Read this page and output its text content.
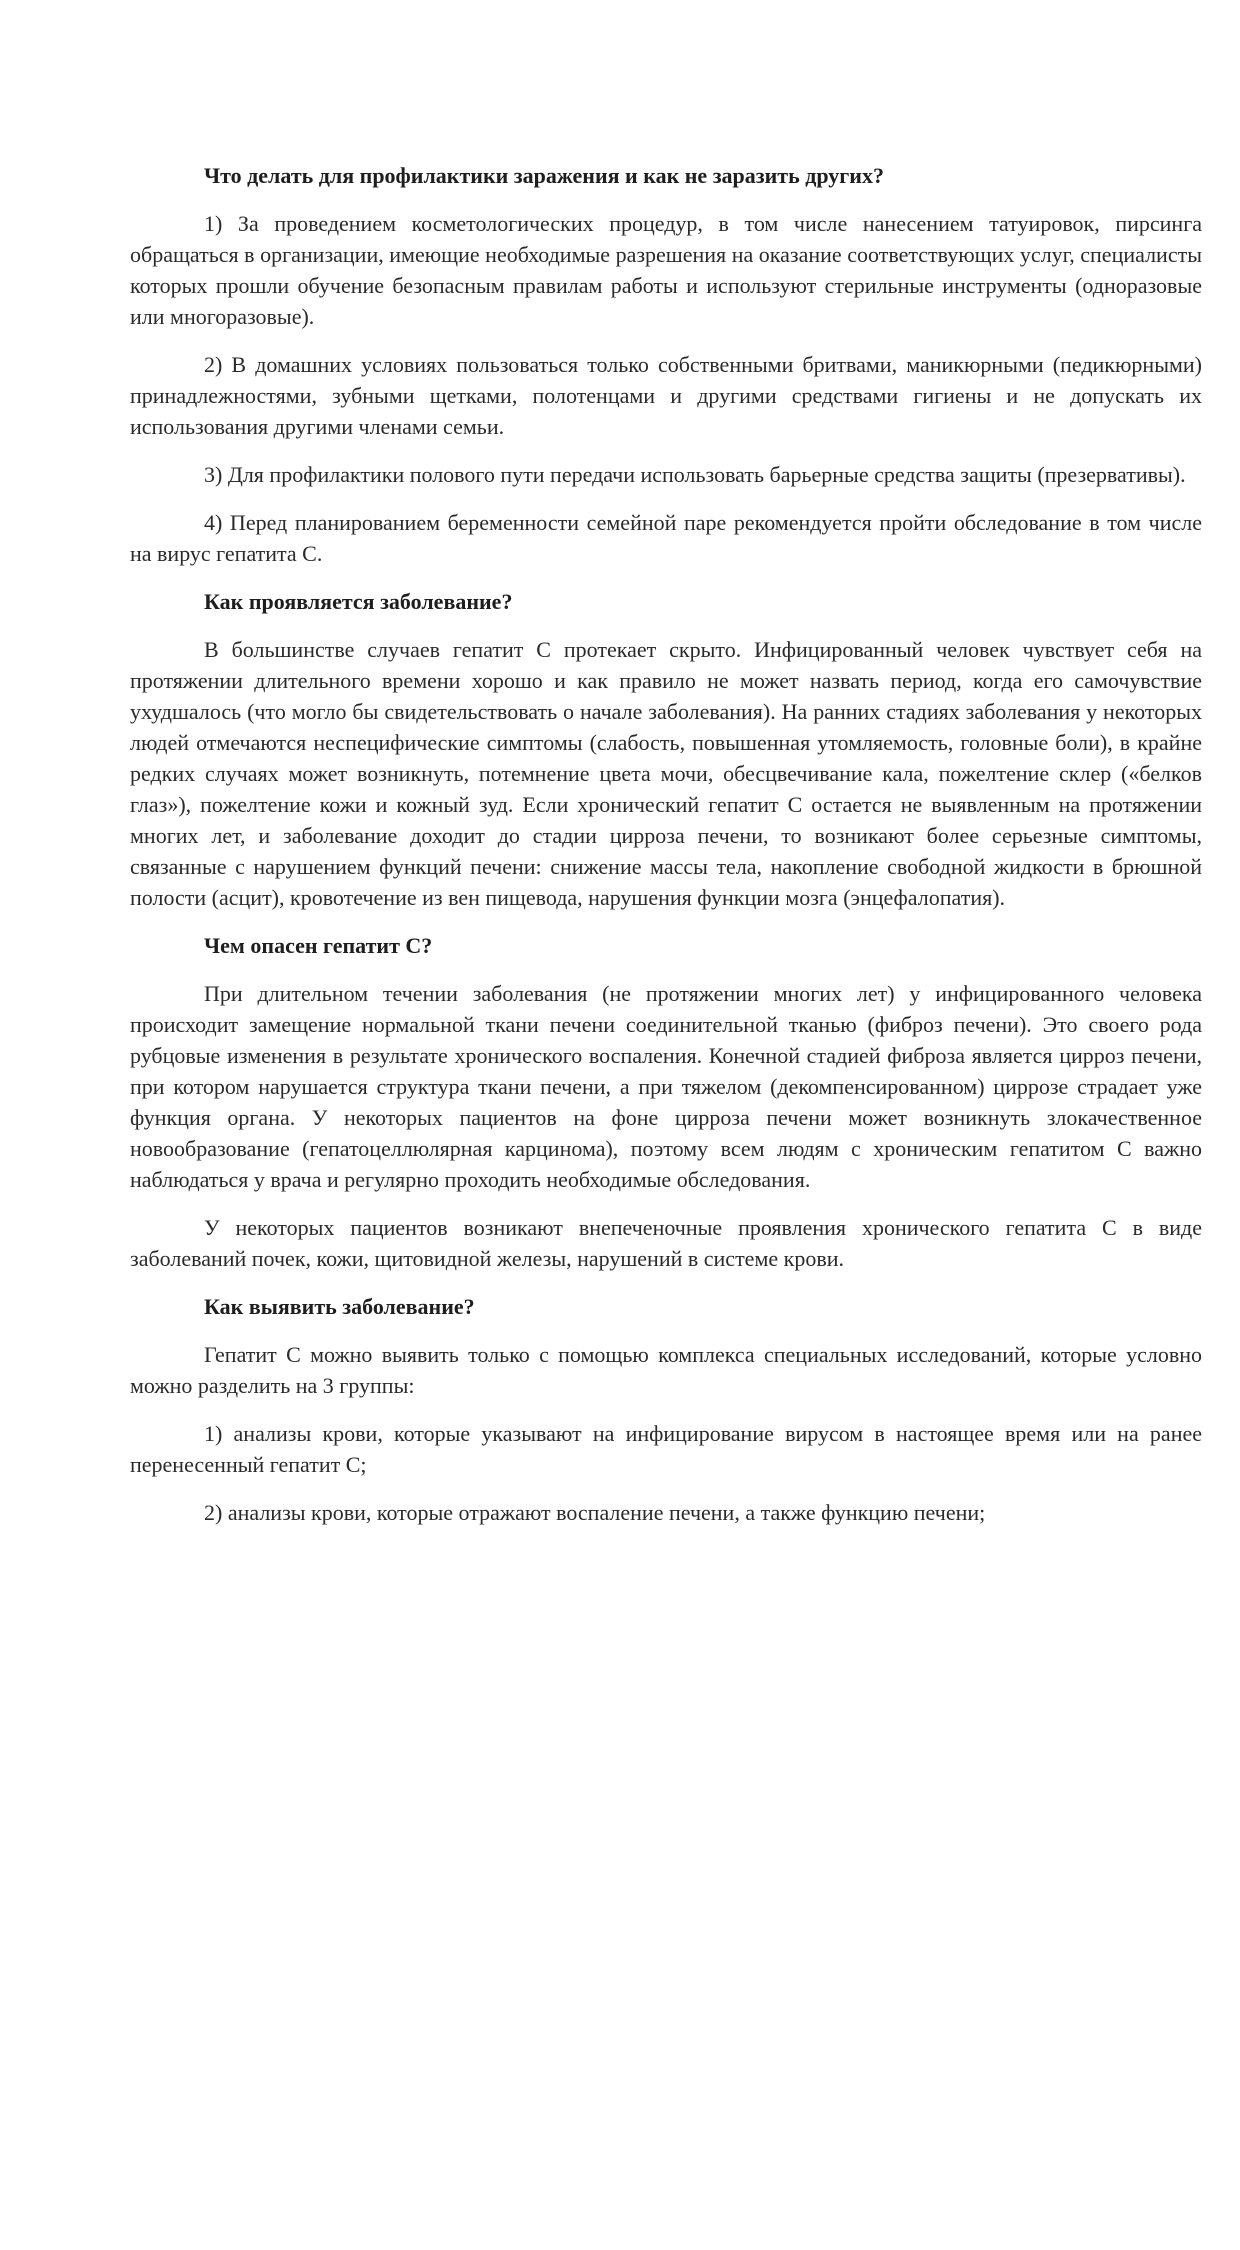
Что делать для профилактики заражения и как не заразить других?

1) За проведением косметологических процедур, в том числе нанесением татуировок, пирсинга обращаться в организации, имеющие необходимые разрешения на оказание соответствующих услуг, специалисты которых прошли обучение безопасным правилам работы и используют стерильные инструменты (одноразовые или многоразовые).

2) В домашних условиях пользоваться только собственными бритвами, маникюрными (педикюрными) принадлежностями, зубными щетками, полотенцами и другими средствами гигиены и не допускать их использования другими членами семьи.

3) Для профилактики полового пути передачи использовать барьерные средства защиты (презервативы).

4) Перед планированием беременности семейной паре рекомендуется пройти обследование в том числе на вирус гепатита С.

Как проявляется заболевание?

В большинстве случаев гепатит С протекает скрыто. Инфицированный человек чувствует себя на протяжении длительного времени хорошо и как правило не может назвать период, когда его самочувствие ухудшалось (что могло бы свидетельствовать о начале заболевания). На ранних стадиях заболевания у некоторых людей отмечаются неспецифические симптомы (слабость, повышенная утомляемость, головные боли), в крайне редких случаях может возникнуть, потемнение цвета мочи, обесцвечивание кала, пожелтение склер («белков глаз»), пожелтение кожи и кожный зуд. Если хронический гепатит С остается не выявленным на протяжении многих лет, и заболевание доходит до стадии цирроза печени, то возникают более серьезные симптомы, связанные с нарушением функций печени: снижение массы тела, накопление свободной жидкости в брюшной полости (асцит), кровотечение из вен пищевода, нарушения функции мозга (энцефалопатия).

Чем опасен гепатит С?

При длительном течении заболевания (не протяжении многих лет) у инфицированного человека происходит замещение нормальной ткани печени соединительной тканью (фиброз печени). Это своего рода рубцовые изменения в результате хронического воспаления. Конечной стадией фиброза является цирроз печени, при котором нарушается структура ткани печени, а при тяжелом (декомпенсированном) циррозе страдает уже функция органа. У некоторых пациентов на фоне цирроза печени может возникнуть злокачественное новообразование (гепатоцеллюлярная карцинома), поэтому всем людям с хроническим гепатитом С важно наблюдаться у врача и регулярно проходить необходимые обследования.

У некоторых пациентов возникают внепеченочные проявления хронического гепатита С в виде заболеваний почек, кожи, щитовидной железы, нарушений в системе крови.

Как выявить заболевание?

Гепатит С можно выявить только с помощью комплекса специальных исследований, которые условно можно разделить на 3 группы:

1) анализы крови, которые указывают на инфицирование вирусом в настоящее время или на ранее перенесенный гепатит С;

2) анализы крови, которые отражают воспаление печени, а также функцию печени;
